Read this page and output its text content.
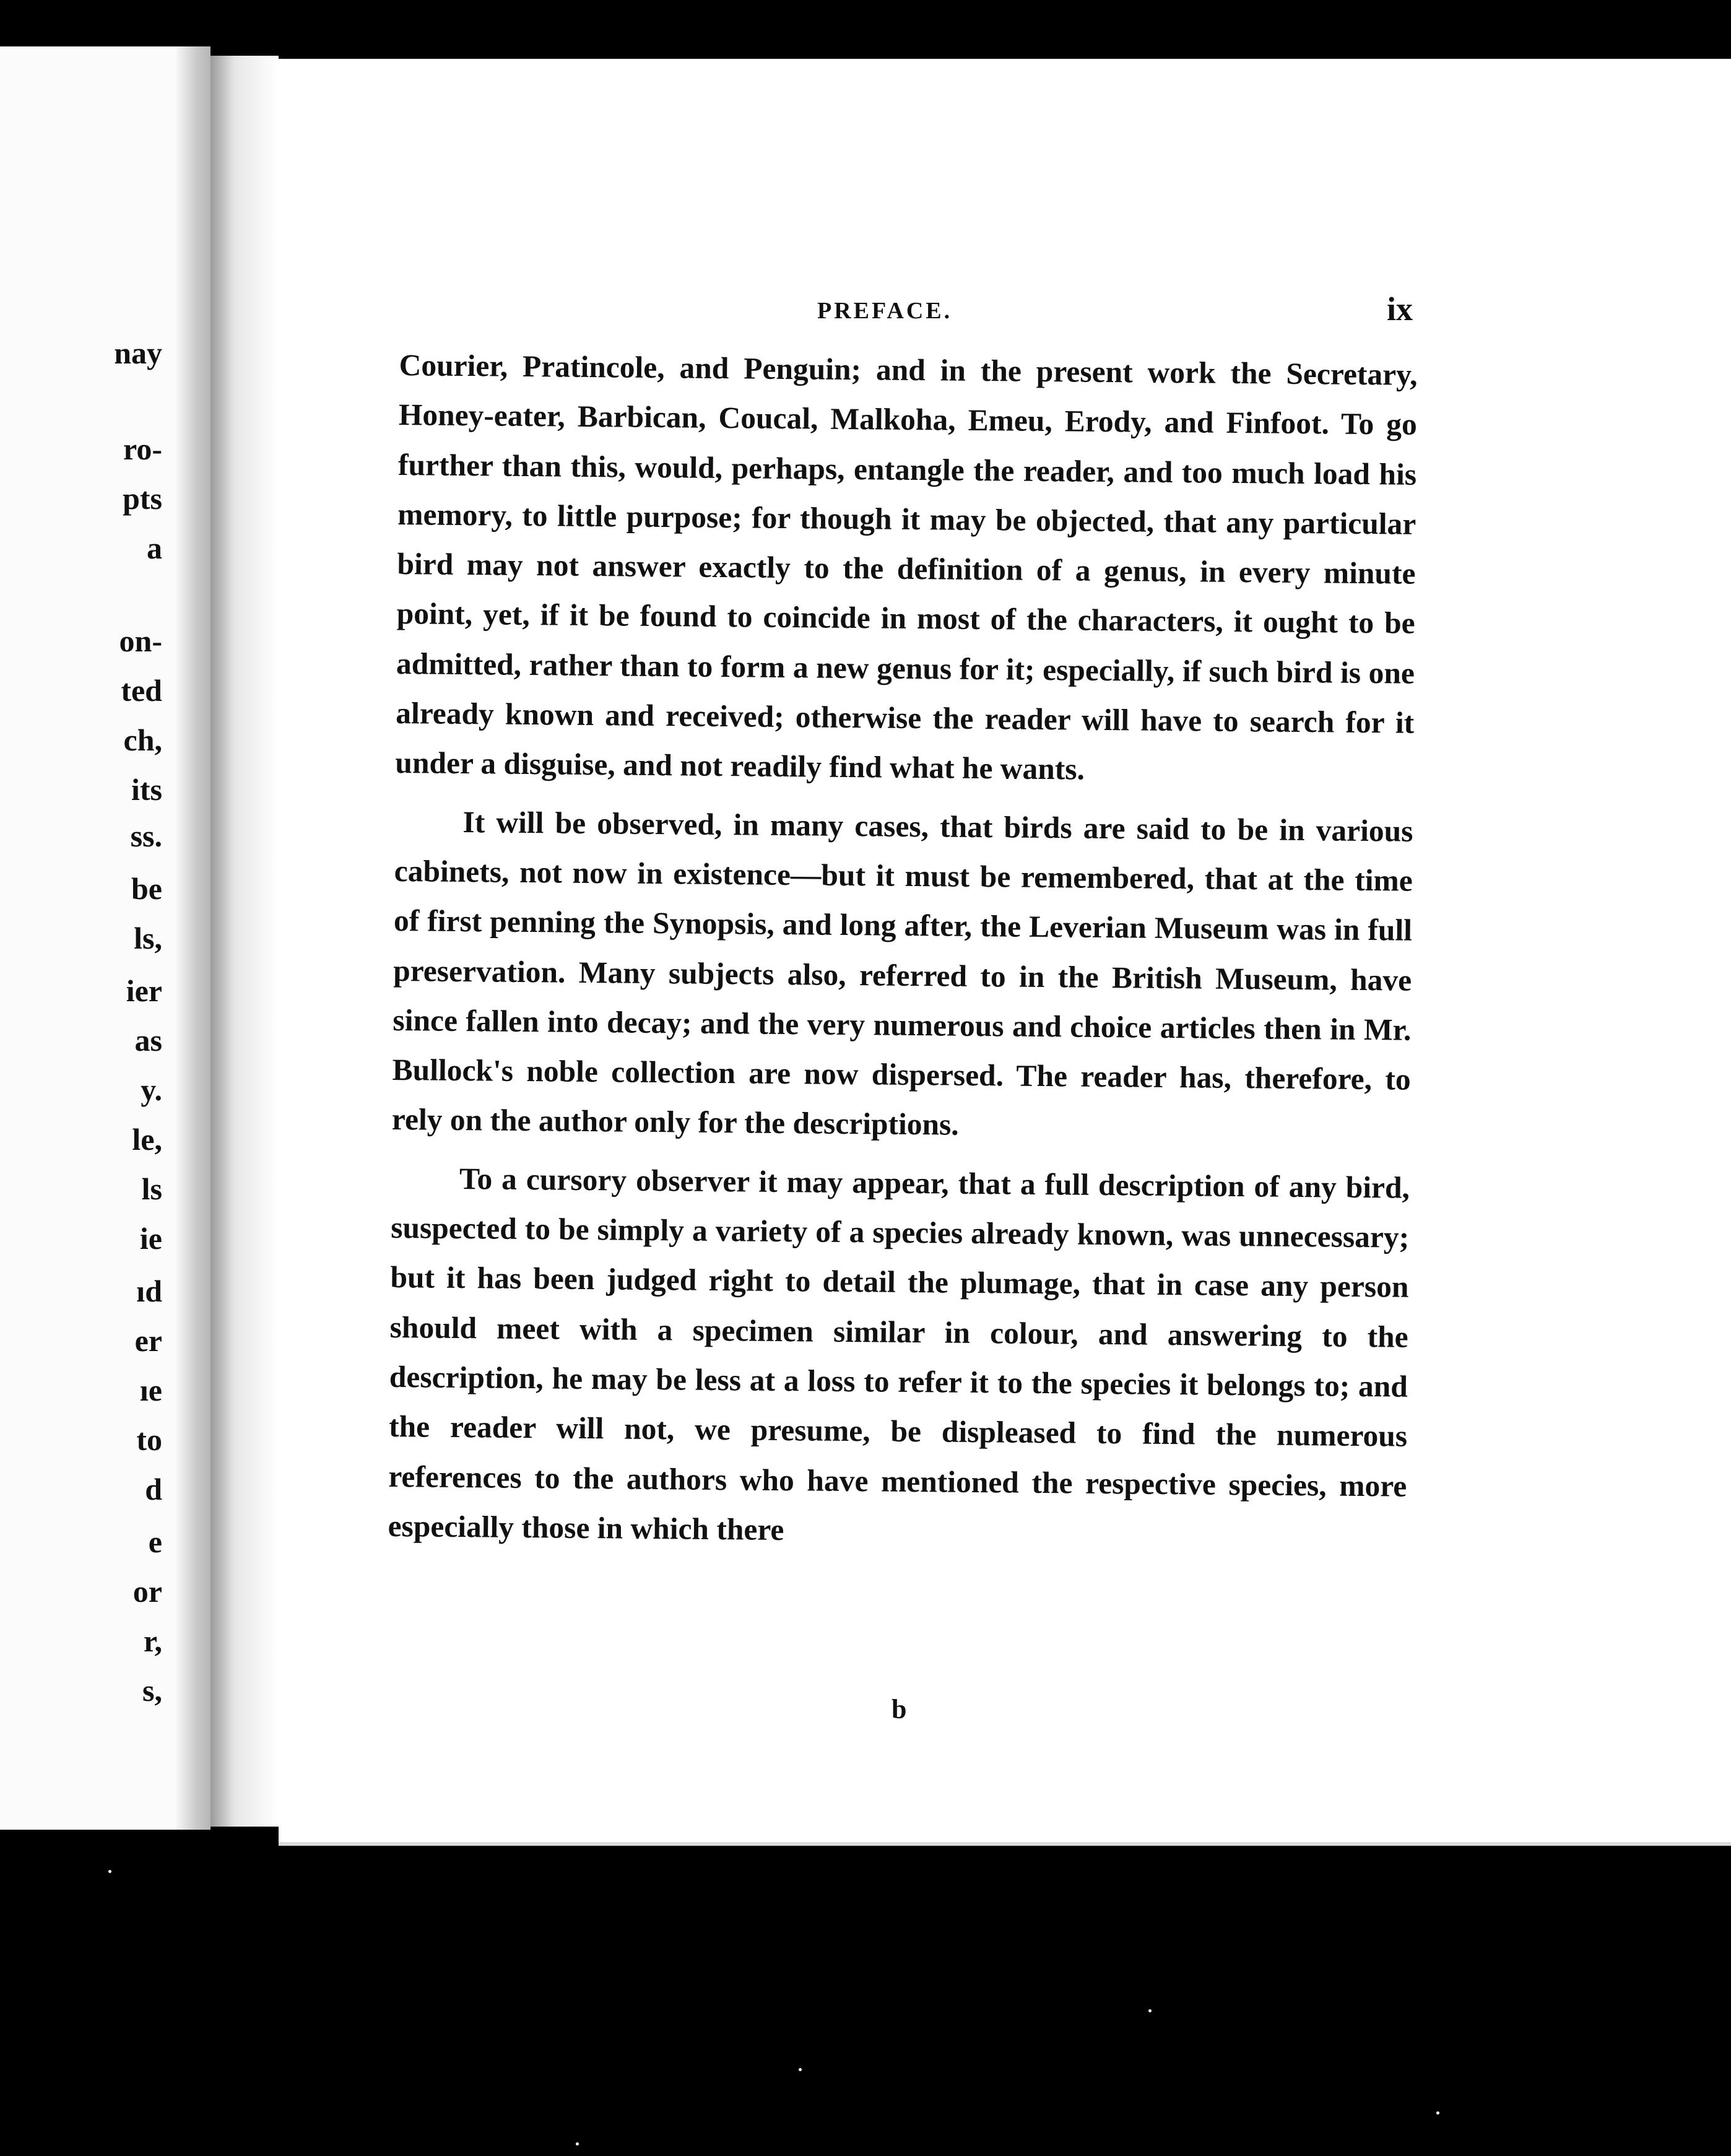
nay
ro-
pts
a
on-
ted
ch,
its
ss.
be
ls,
ier
as
y.
le,
ls
ie
ıd
er
ıe
to
d
e
or
r,
s,
PREFACE.	ix

Courier, Pratincole, and Penguin; and in the present work the Secretary, Honey-eater, Barbican, Coucal, Malkoha, Emeu, Erody, and Finfoot. To go further than this, would, perhaps, entangle the reader, and too much load his memory, to little purpose; for though it may be objected, that any particular bird may not answer exactly to the definition of a genus, in every minute point, yet, if it be found to coincide in most of the characters, it ought to be admitted, rather than to form a new genus for it; especially, if such bird is one already known and received; otherwise the reader will have to search for it under a disguise, and not readily find what he wants.

It will be observed, in many cases, that birds are said to be in various cabinets, not now in existence—but it must be remembered, that at the time of first penning the Synopsis, and long after, the Leverian Museum was in full preservation. Many subjects also, referred to in the British Museum, have since fallen into decay; and the very numerous and choice articles then in Mr. Bullock's noble collection are now dispersed. The reader has, therefore, to rely on the author only for the descriptions.

To a cursory observer it may appear, that a full description of any bird, suspected to be simply a variety of a species already known, was unnecessary; but it has been judged right to detail the plumage, that in case any person should meet with a specimen similar in colour, and answering to the description, he may be less at a loss to refer it to the species it belongs to; and the reader will not, we presume, be displeased to find the numerous references to the authors who have mentioned the respective species, more especially those in which there

b
